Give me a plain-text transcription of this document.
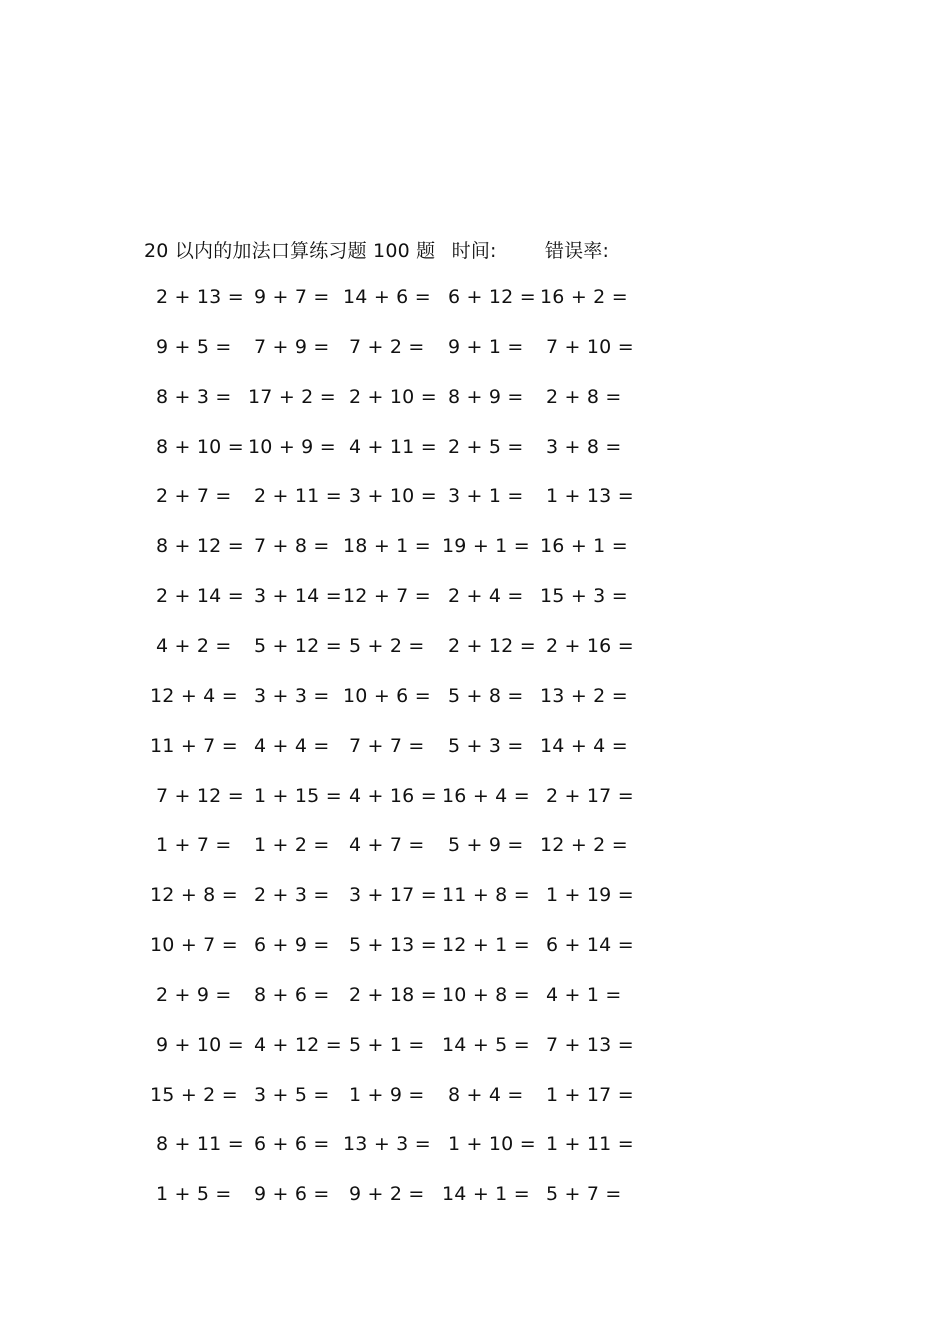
20 以内的加法口算练习题 100 题 时间:	错误率:
2 + 13 = 9 + 7 = 14 + 6 = 6 + 12 = 16 + 2 =
9 + 5 = 7 + 9 = 7 + 2 = 9 + 1 = 7 + 10 =
8 + 3 = 17 + 2 = 2 + 10 = 8 + 9 = 2 + 8 =
8 + 10 = 10 + 9 = 4 + 11 = 2 + 5 = 3 + 8 =
2 + 7 = 2 + 11 = 3 + 10 = 3 + 1 = 1 + 13 =
8 + 12 = 7 + 8 = 18 + 1 = 19 + 1 = 16 + 1 =
2 + 14 = 3 + 14 = 12 + 7 = 2 + 4 = 15 + 3 =
4 + 2 = 5 + 12 = 5 + 2 = 2 + 12 = 2 + 16 =
12 + 4 = 3 + 3 = 10 + 6 = 5 + 8 = 13 + 2 =
11 + 7 = 4 + 4 = 7 + 7 = 5 + 3 = 14 + 4 =
7 + 12 = 1 + 15 = 4 + 16 = 16 + 4 = 2 + 17 =
1 + 7 = 1 + 2 = 4 + 7 = 5 + 9 = 12 + 2 =
12 + 8 = 2 + 3 = 3 + 17 = 11 + 8 = 1 + 19 =
10 + 7 = 6 + 9 = 5 + 13 = 12 + 1 = 6 + 14 =
2 + 9 = 8 + 6 = 2 + 18 = 10 + 8 = 4 + 1 =
9 + 10 = 4 + 12 = 5 + 1 = 14 + 5 = 7 + 13 =
15 + 2 = 3 + 5 = 1 + 9 = 8 + 4 = 1 + 17 =
8 + 11 = 6 + 6 = 13 + 3 = 1 + 10 = 1 + 11 =
1 + 5 = 9 + 6 = 9 + 2 = 14 + 1 = 5 + 7 =
